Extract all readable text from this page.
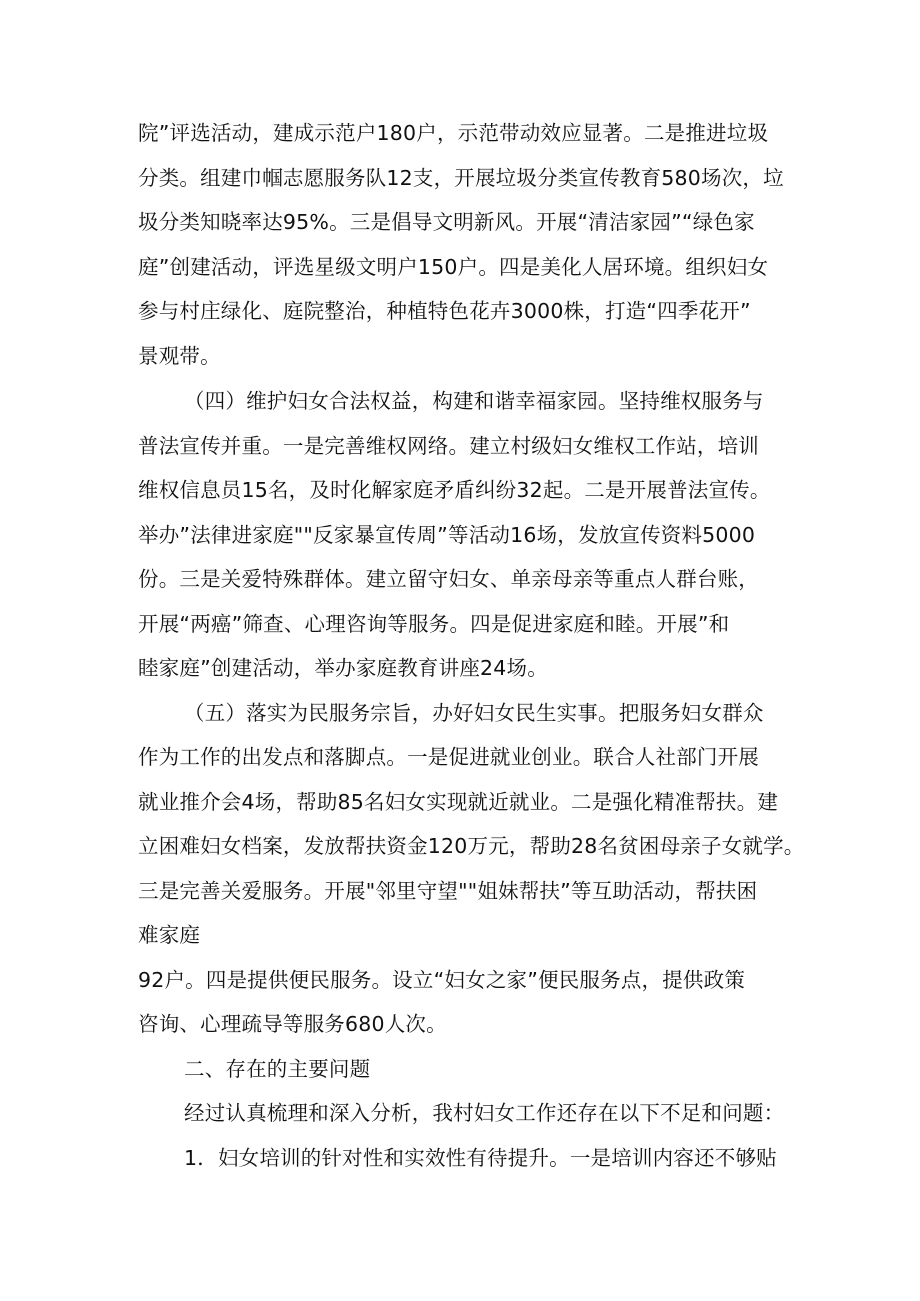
院”评选活动，建成示范户180户，示范带动效应显著。二是推进垃圾

分类。组建巾帼志愿服务队12支，开展垃圾分类宣传教育580场次，垃

圾分类知晓率达95%。三是倡导文明新风。开展“清洁家园”“绿色家

庭”创建活动，评选星级文明户150户。四是美化人居环境。组织妇女

参与村庄绿化、庭院整治，种植特色花卉3000株，打造“四季花开”

景观带。

（四）维护妇女合法权益，构建和谐幸福家园。坚持维权服务与

普法宣传并重。一是完善维权网络。建立村级妇女维权工作站，培训

维权信息员15名，及时化解家庭矛盾纠纷32起。二是开展普法宣传。

举办”法律进家庭""反家暴宣传周”等活动16场，发放宣传资料5000

份。三是关爱特殊群体。建立留守妇女、单亲母亲等重点人群台账，

开展“两癌”筛查、心理咨询等服务。四是促进家庭和睦。开展”和

睦家庭”创建活动，举办家庭教育讲座24场。

（五）落实为民服务宗旨，办好妇女民生实事。把服务妇女群众

作为工作的出发点和落脚点。一是促进就业创业。联合人社部门开展

就业推介会4场，帮助85名妇女实现就近就业。二是强化精准帮扶。建

立困难妇女档案，发放帮扶资金120万元，帮助28名贫困母亲子女就学。

三是完善关爱服务。开展"邻里守望""姐妹帮扶”等互助活动，帮扶困

难家庭

92户。四是提供便民服务。设立“妇女之家”便民服务点，提供政策

咨询、心理疏导等服务680人次。

二、存在的主要问题

经过认真梳理和深入分析，我村妇女工作还存在以下不足和问题：

1．妇女培训的针对性和实效性有待提升。一是培训内容还不够贴
